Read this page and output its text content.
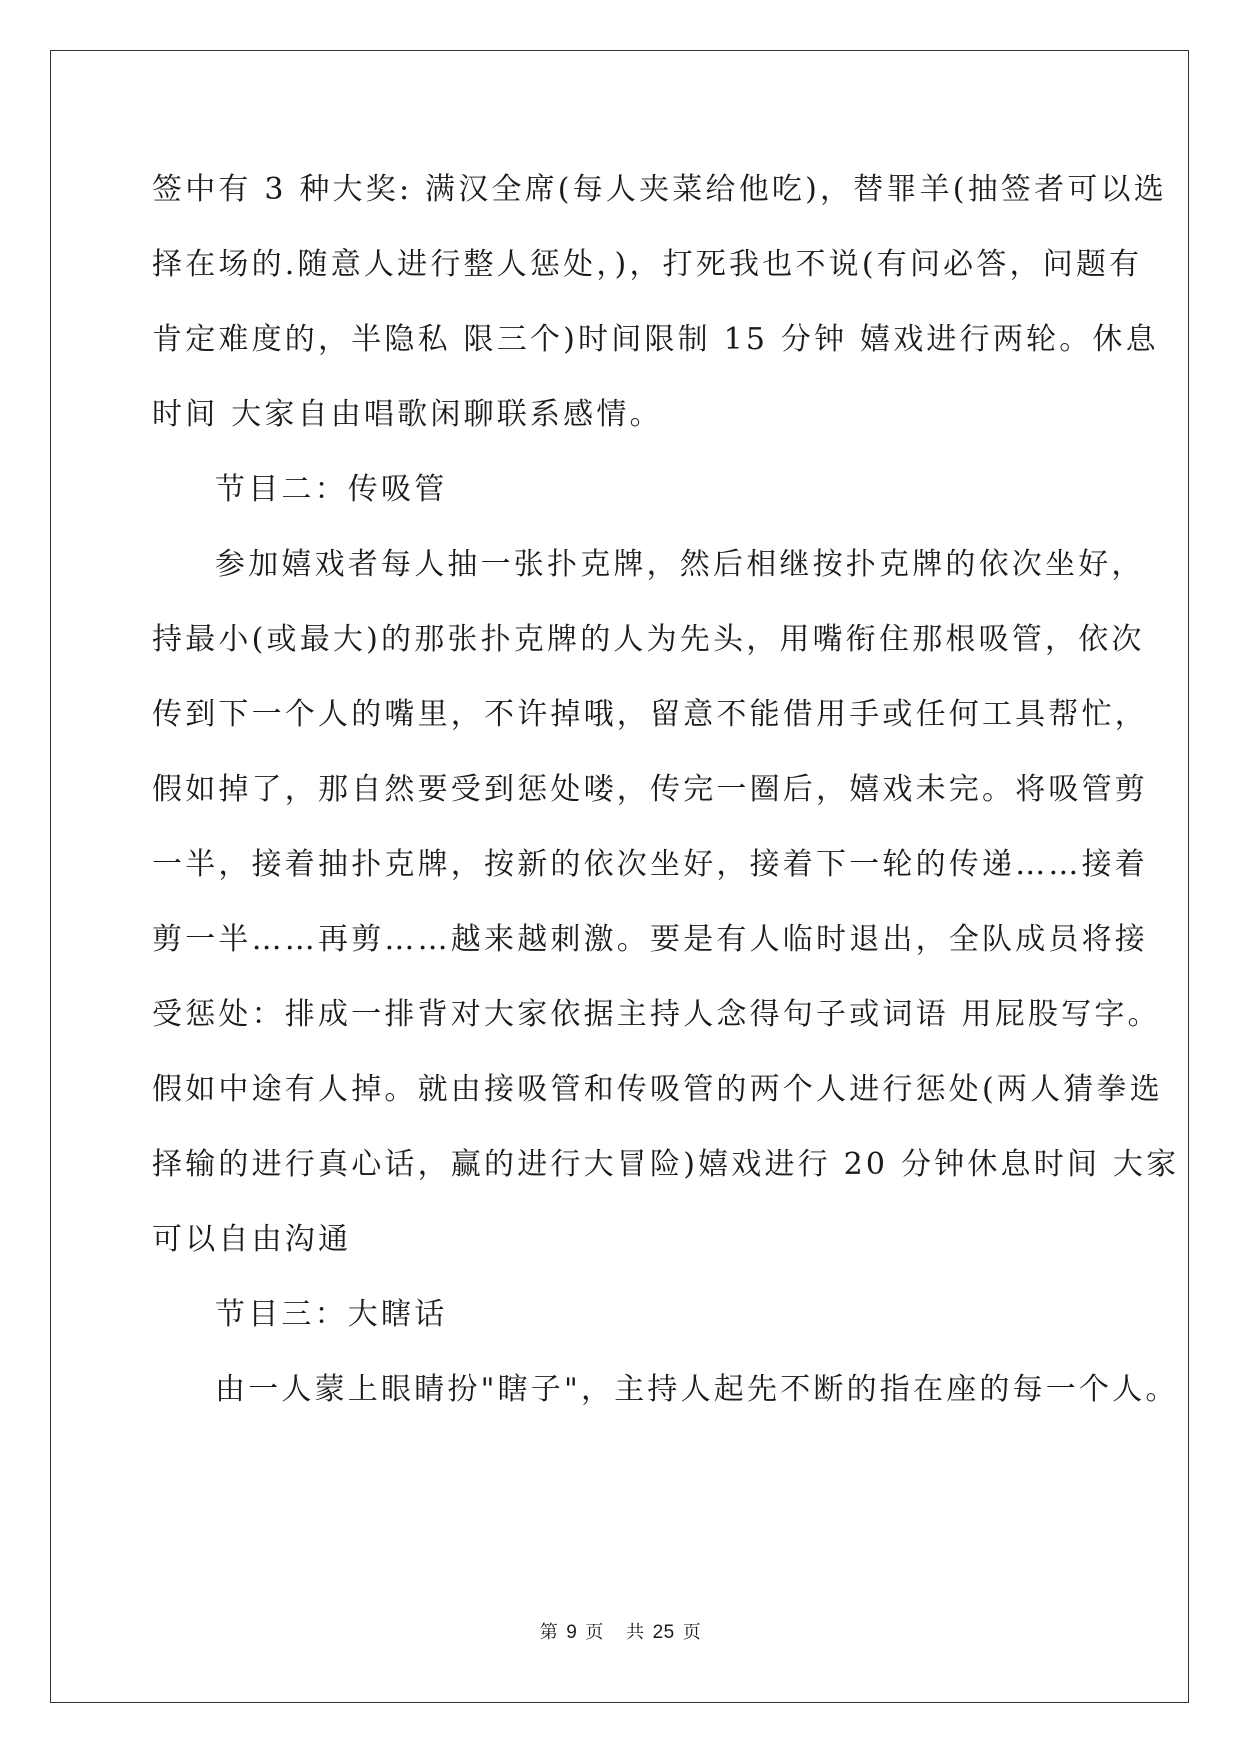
签中有 3 种大奖: 满汉全席(每人夹菜给他吃)，替罪羊(抽签者可以选
择在场的.随意人进行整人惩处，)，打死我也不说(有问必答，问题有
肯定难度的，半隐私 限三个)时间限制 15 分钟 嬉戏进行两轮。休息
时间 大家自由唱歌闲聊联系感情。
节目二：传吸管
参加嬉戏者每人抽一张扑克牌，然后相继按扑克牌的依次坐好，
持最小(或最大)的那张扑克牌的人为先头，用嘴衔住那根吸管，依次
传到下一个人的嘴里，不许掉哦，留意不能借用手或任何工具帮忙，
假如掉了，那自然要受到惩处喽，传完一圈后，嬉戏未完。将吸管剪
一半，接着抽扑克牌，按新的依次坐好，接着下一轮的传递……接着
剪一半……再剪……越来越刺激。要是有人临时退出，全队成员将接
受惩处：排成一排背对大家依据主持人念得句子或词语 用屁股写字。
假如中途有人掉。就由接吸管和传吸管的两个人进行惩处(两人猜拳选
择输的进行真心话，赢的进行大冒险)嬉戏进行 20 分钟休息时间 大家
可以自由沟通
节目三：大瞎话
由一人蒙上眼睛扮"瞎子"，主持人起先不断的指在座的每一个人。
第 9 页 共 25 页
